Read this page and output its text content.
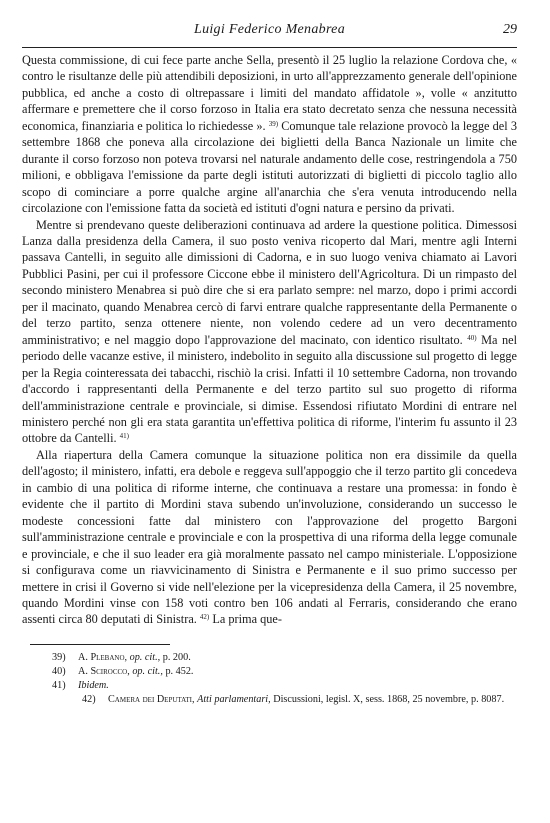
Luigi Federico Menabrea	29

Questa commissione, di cui fece parte anche Sella, presentò il 25 luglio la relazione Cordova che, « contro le risultanze delle più attendibili deposizioni, in urto all'apprezzamento generale dell'opinione pubblica, ed anche a costo di oltrepassare i limiti del mandato affidatole », volle « anzitutto affermare e premettere che il corso forzoso in Italia era stato decretato senza che nessuna necessità economica, finanziaria e politica lo richiedesse ». $^{39)}$ Comunque tale relazione provocò la legge del 3 settembre 1868 che poneva alla circolazione dei biglietti della Banca Nazionale un limite che durante il corso forzoso non poteva trovarsi nel naturale andamento delle cose, restringendola a 750 milioni, e obbligava l'emissione da parte degli istituti autorizzati di biglietti di piccolo taglio allo scopo di cominciare a porre qualche argine all'anarchia che s'era venuta introducendo nella circolazione con l'emissione fatta da società ed istituti d'ogni natura e persino da privati.

Mentre si prendevano queste deliberazioni continuava ad ardere la questione politica. Dimessosi Lanza dalla presidenza della Camera, il suo posto veniva ricoperto dal Mari, mentre agli Interni passava Cantelli, in seguito alle dimissioni di Cadorna, e in suo luogo veniva chiamato ai Lavori Pubblici Pasini, per cui il professore Ciccone ebbe il ministero dell'Agricoltura. Di un rimpasto del secondo ministero Menabrea si può dire che si era parlato sempre: nel marzo, dopo i primi accordi per il macinato, quando Menabrea cercò di farvi entrare qualche rappresentante della Permanente o del terzo partito, senza ottenere niente, non volendo cedere ad un vero decentramento amministrativo; e nel maggio dopo l'approvazione del macinato, con identico risultato. $^{40)}$ Ma nel periodo delle vacanze estive, il ministero, indebolito in seguito alla discussione sul progetto di legge per la Regia cointeressata dei tabacchi, rischiò la crisi. Infatti il 10 settembre Cadorna, non trovando d'accordo i rappresentanti della Permanente e del terzo partito sul suo progetto di riforma dell'amministrazione centrale e provinciale, si dimise. Essendosi rifiutato Mordini di entrare nel ministero perché non gli era stata garantita un'effettiva politica di riforme, l'interim fu assunto il 23 ottobre da Cantelli. $^{41)}$

Alla riapertura della Camera comunque la situazione politica non era dissimile da quella dell'agosto; il ministero, infatti, era debole e reggeva sull'appoggio che il terzo partito gli concedeva in cambio di una politica di riforme interne, che continuava a restare una promessa: in fondo è evidente che il partito di Mordini stava subendo un'involuzione, considerando un successo le modeste concessioni fatte dal ministero con l'approvazione del progetto Bargoni sull'amministrazione centrale e provinciale e con la prospettiva di una riforma della legge comunale e provinciale, e che il suo leader era già moralmente passato nel campo ministeriale. L'opposizione si configurava come un riavvicinamento di Sinistra e Permanente e il suo primo successo per mettere in crisi il Governo si vide nell'elezione per la vicepresidenza della Camera, il 25 novembre, quando Mordini vinse con 158 voti contro ben 106 andati al Ferraris, considerando che erano assenti circa 80 deputati di Sinistra. $^{42)}$ La prima que-

39) A. Plebano, op. cit., p. 200.

40) A. Scirocco, op. cit., p. 452.

41) Ibidem.

42) Camera dei Deputati, Atti parlamentari, Discussioni, legisl. X, sess. 1868, 25 novembre, p. 8087.
